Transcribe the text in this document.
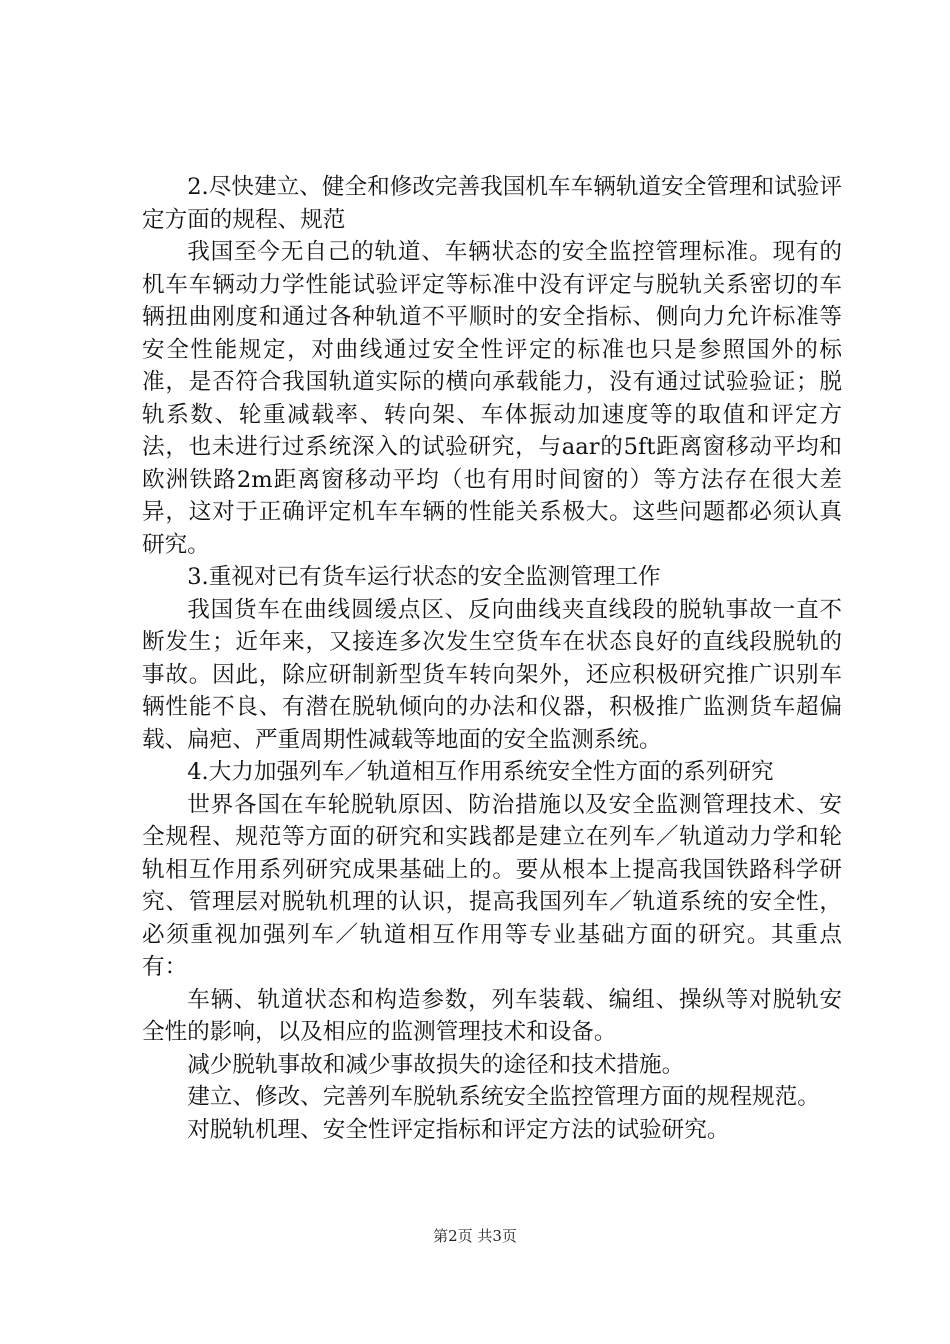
2.尽快建立、健全和修改完善我国机车车辆轨道安全管理和试验评定方面的规程、规范

我国至今无自己的轨道、车辆状态的安全监控管理标准。现有的机车车辆动力学性能试验评定等标准中没有评定与脱轨关系密切的车辆扭曲刚度和通过各种轨道不平顺时的安全指标、侧向力允许标准等安全性能规定，对曲线通过安全性评定的标准也只是参照国外的标准，是否符合我国轨道实际的横向承载能力，没有通过试验验证；脱轨系数、轮重减载率、转向架、车体振动加速度等的取值和评定方法，也未进行过系统深入的试验研究，与aar的5ft距离窗移动平均和欧洲铁路2m距离窗移动平均（也有用时间窗的）等方法存在很大差异，这对于正确评定机车车辆的性能关系极大。这些问题都必须认真研究。

3.重视对已有货车运行状态的安全监测管理工作

我国货车在曲线圆缓点区、反向曲线夹直线段的脱轨事故一直不断发生；近年来，又接连多次发生空货车在状态良好的直线段脱轨的事故。因此，除应研制新型货车转向架外，还应积极研究推广识别车辆性能不良、有潜在脱轨倾向的办法和仪器，积极推广监测货车超偏载、扁疤、严重周期性减载等地面的安全监测系统。

4.大力加强列车／轨道相互作用系统安全性方面的系列研究

世界各国在车轮脱轨原因、防治措施以及安全监测管理技术、安全规程、规范等方面的研究和实践都是建立在列车／轨道动力学和轮轨相互作用系列研究成果基础上的。要从根本上提高我国铁路科学研究、管理层对脱轨机理的认识，提高我国列车／轨道系统的安全性，必须重视加强列车／轨道相互作用等专业基础方面的研究。其重点有：

车辆、轨道状态和构造参数，列车装载、编组、操纵等对脱轨安全性的影响，以及相应的监测管理技术和设备。

减少脱轨事故和减少事故损失的途径和技术措施。

建立、修改、完善列车脱轨系统安全监控管理方面的规程规范。

对脱轨机理、安全性评定指标和评定方法的试验研究。

第2页 共3页
